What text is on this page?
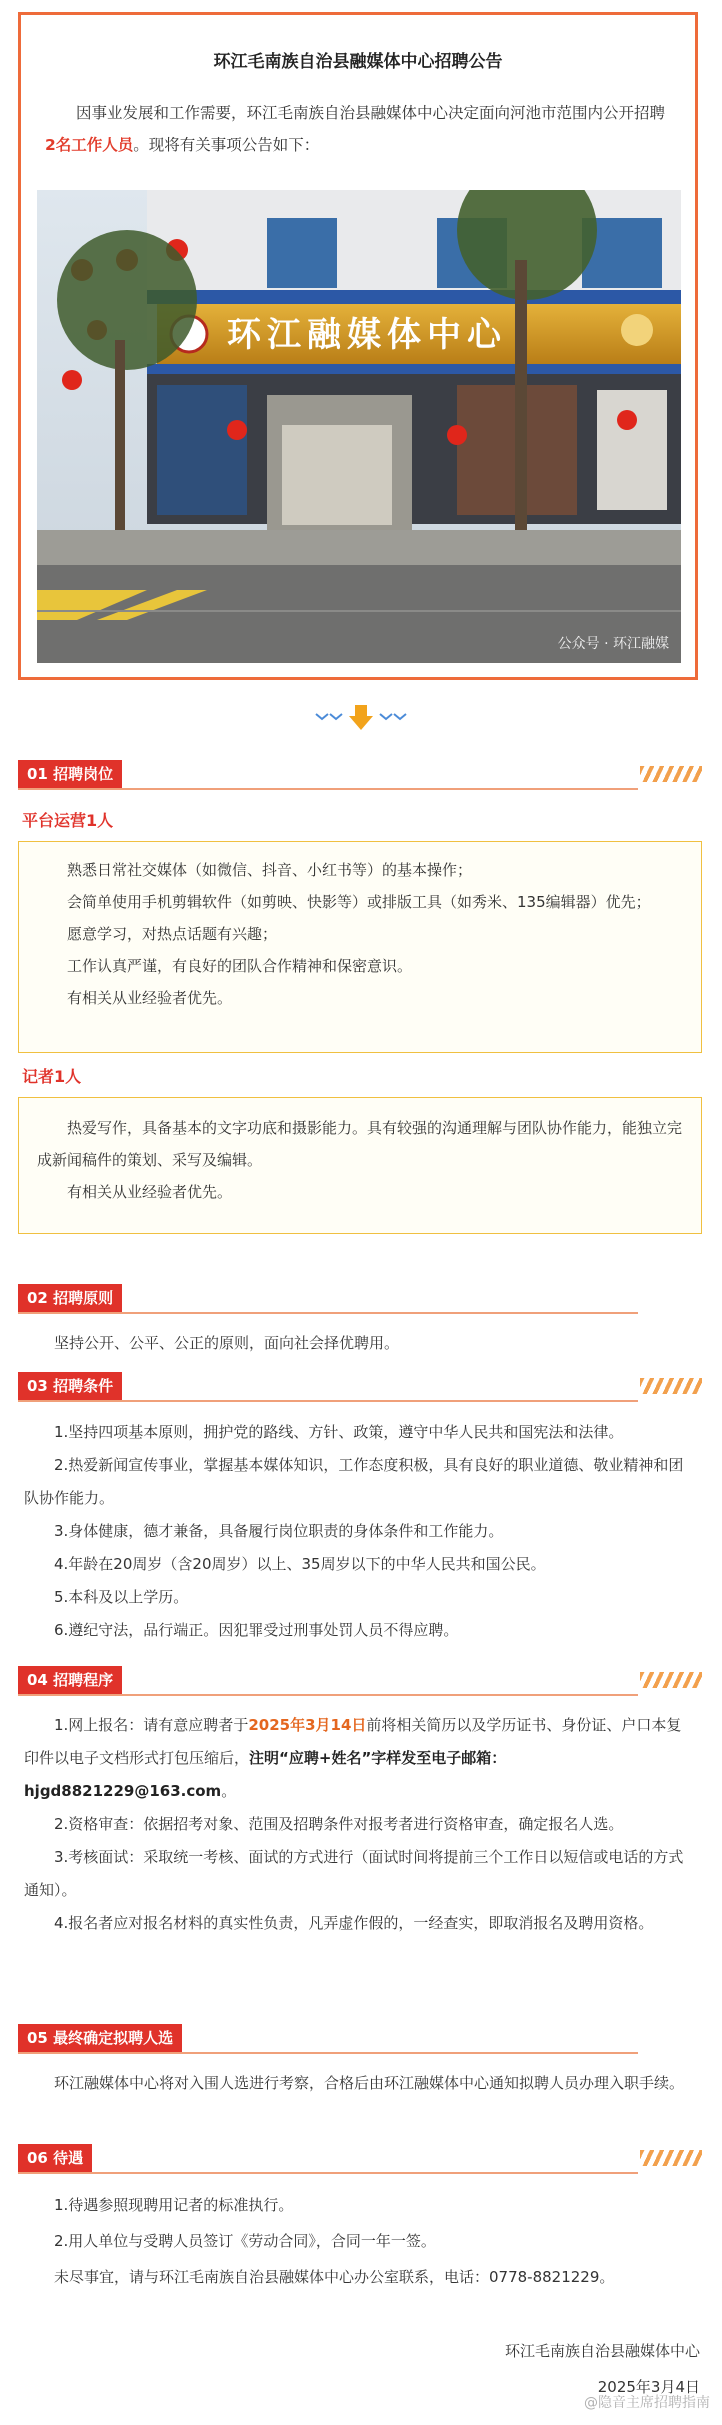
环江毛南族自治县融媒体中心招聘公告
因事业发展和工作需要，环江毛南族自治县融媒体中心决定面向河池市范围内公开招聘2名工作人员。现将有关事项公告如下：
环江融媒体中心
公众号 · 环江融媒
01 招聘岗位
平台运营1人

熟悉日常社交媒体（如微信、抖音、小红书等）的基本操作；

会简单使用手机剪辑软件（如剪映、快影等）或排版工具（如秀米、135编辑器）优先；

愿意学习，对热点话题有兴趣；

工作认真严谨，有良好的团队合作精神和保密意识。

有相关从业经验者优先。

记者1人

热爱写作，具备基本的文字功底和摄影能力。具有较强的沟通理解与团队协作能力，能独立完成新闻稿件的策划、采写及编辑。

有相关从业经验者优先。

02 招聘原则

坚持公开、公平、公正的原则，面向社会择优聘用。

03 招聘条件

1.坚持四项基本原则，拥护党的路线、方针、政策，遵守中华人民共和国宪法和法律。

2.热爱新闻宣传事业，掌握基本媒体知识，工作态度积极，具有良好的职业道德、敬业精神和团队协作能力。

3.身体健康，德才兼备，具备履行岗位职责的身体条件和工作能力。

4.年龄在20周岁（含20周岁）以上、35周岁以下的中华人民共和国公民。

5.本科及以上学历。

6.遵纪守法，品行端正。因犯罪受过刑事处罚人员不得应聘。

04 招聘程序

1.网上报名：请有意应聘者于2025年3月14日前将相关简历以及学历证书、身份证、户口本复印件以电子文档形式打包压缩后，注明“应聘+姓名”字样发至电子邮箱：hjgd8821229@163.com。

2.资格审查：依据招考对象、范围及招聘条件对报考者进行资格审查，确定报名人选。

3.考核面试：采取统一考核、面试的方式进行（面试时间将提前三个工作日以短信或电话的方式通知）。

4.报名者应对报名材料的真实性负责，凡弄虚作假的，一经查实，即取消报名及聘用资格。

05 最终确定拟聘人选

环江融媒体中心将对入围人选进行考察，合格后由环江融媒体中心通知拟聘人员办理入职手续。

06 待遇

1.待遇参照现聘用记者的标准执行。

2.用人单位与受聘人员签订《劳动合同》，合同一年一签。

未尽事宜，请与环江毛南族自治县融媒体中心办公室联系，电话：0778-8821229。

环江毛南族自治县融媒体中心
2025年3月4日
@隐音主席招聘指南
